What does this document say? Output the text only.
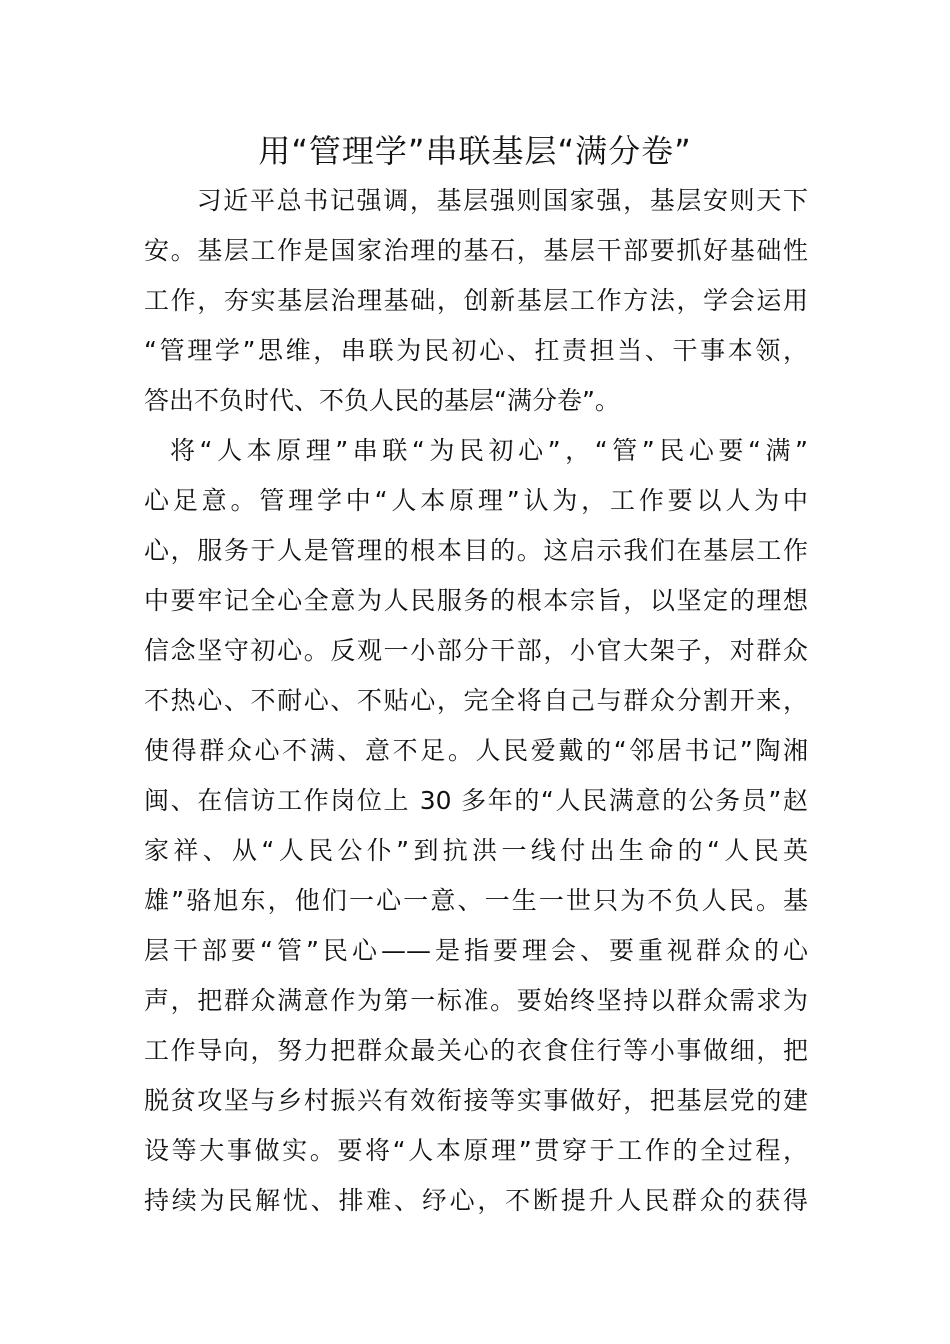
用“管理学”串联基层“满分卷”

　习近平总书记强调，基层强则国家强，基层安则天下

安。基层工作是国家治理的基石，基层干部要抓好基础性

工作，夯实基层治理基础，创新基层工作方法，学会运用

“管理学”思维，串联为民初心、扛责担当、干事本领，

答出不负时代、不负人民的基层“满分卷”。

将“人本原理”串联“为民初心”，“管”民心要“满”

心足意。管理学中“人本原理”认为，工作要以人为中

心，服务于人是管理的根本目的。这启示我们在基层工作

中要牢记全心全意为人民服务的根本宗旨，以坚定的理想

信念坚守初心。反观一小部分干部，小官大架子，对群众

不热心、不耐心、不贴心，完全将自己与群众分割开来，

使得群众心不满、意不足。人民爱戴的“邻居书记”陶湘

闽、在信访工作岗位上 30 多年的“人民满意的公务员”赵

家祥、从“人民公仆”到抗洪一线付出生命的“人民英

雄”骆旭东，他们一心一意、一生一世只为不负人民。基

层干部要“管”民心——是指要理会、要重视群众的心

声，把群众满意作为第一标准。要始终坚持以群众需求为

工作导向，努力把群众最关心的衣食住行等小事做细，把

脱贫攻坚与乡村振兴有效衔接等实事做好，把基层党的建

设等大事做实。要将“人本原理”贯穿于工作的全过程，

持续为民解忧、排难、纾心，不断提升人民群众的获得
